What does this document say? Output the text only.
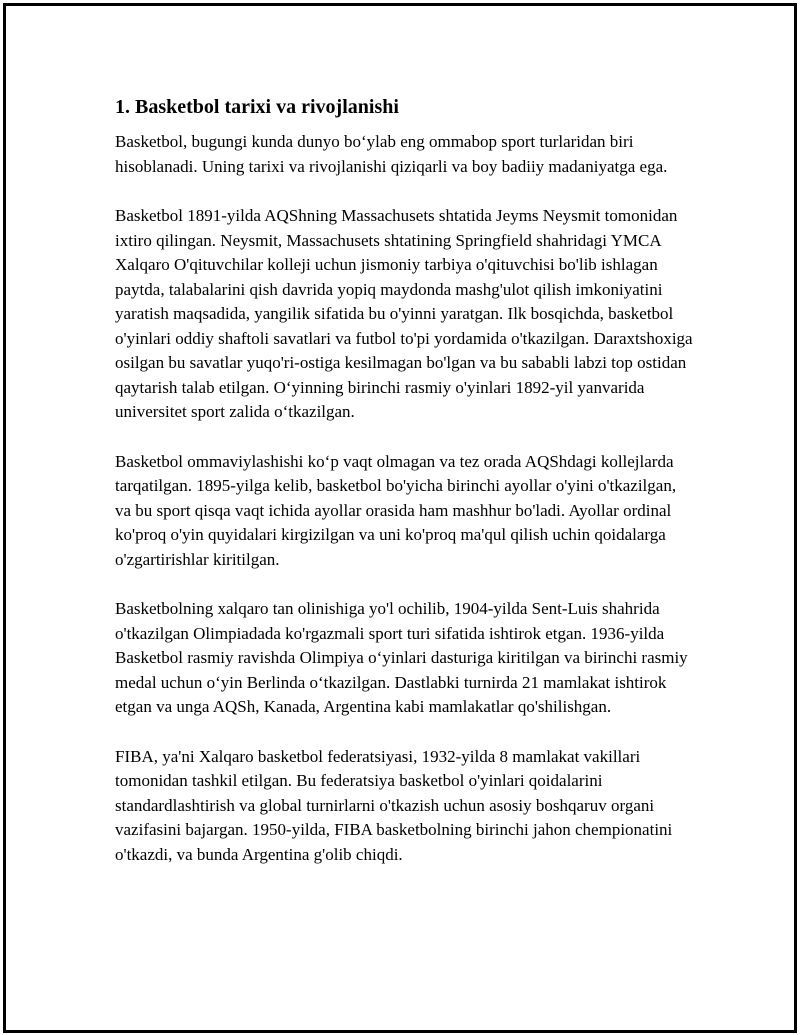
1. Basketbol tarixi va rivojlanishi

Basketbol, bugungi kunda dunyo boʻylab eng ommabop sport turlaridan biri hisoblanadi. Uning tarixi va rivojlanishi qiziqarli va boy badiiy madaniyatga ega.

Basketbol 1891-yilda AQShning Massachusets shtatida Jeyms Neysmit tomonidan ixtiro qilingan. Neysmit, Massachusets shtatining Springfield shahridagi YMCA Xalqaro O'qituvchilar kolleji uchun jismoniy tarbiya o'qituvchisi bo'lib ishlagan paytda, talabalarini qish davrida yopiq maydonda mashg'ulot qilish imkoniyatini yaratish maqsadida, yangilik sifatida bu o'yinni yaratgan. Ilk bosqichda, basketbol o'yinlari oddiy shaftoli savatlari va futbol to'pi yordamida o'tkazilgan. Daraxtshoxiga osilgan bu savatlar yuqo'ri-ostiga kesilmagan bo'lgan va bu sababli labzi top ostidan qaytarish talab etilgan. Oʻyinning birinchi rasmiy o'yinlari 1892-yil yanvarida universitet sport zalida oʻtkazilgan.

Basketbol ommaviylashishi koʻp vaqt olmagan va tez orada AQShdagi kollejlarda tarqatilgan. 1895-yilga kelib, basketbol bo'yicha birinchi ayollar o'yini o'tkazilgan, va bu sport qisqa vaqt ichida ayollar orasida ham mashhur bo'ladi. Ayollar ordinal ko'proq o'yin quyidalari kirgizilgan va uni ko'proq ma'qul qilish uchin qoidalarga o'zgartirishlar kiritilgan.

Basketbolning xalqaro tan olinishiga yo'l ochilib, 1904-yilda Sent-Luis shahrida o'tkazilgan Olimpiadada ko'rgazmali sport turi sifatida ishtirok etgan. 1936-yilda Basketbol rasmiy ravishda Olimpiya oʻyinlari dasturiga kiritilgan va birinchi rasmiy medal uchun oʻyin Berlinda oʻtkazilgan. Dastlabki turnirda 21 mamlakat ishtirok etgan va unga AQSh, Kanada, Argentina kabi mamlakatlar qo'shilishgan.

FIBA, ya'ni Xalqaro basketbol federatsiyasi, 1932-yilda 8 mamlakat vakillari tomonidan tashkil etilgan. Bu federatsiya basketbol o'yinlari qoidalarini standardlashtirish va global turnirlarni o'tkazish uchun asosiy boshqaruv organi vazifasini bajargan. 1950-yilda, FIBA basketbolning birinchi jahon chempionatini o'tkazdi, va bunda Argentina g'olib chiqdi.
